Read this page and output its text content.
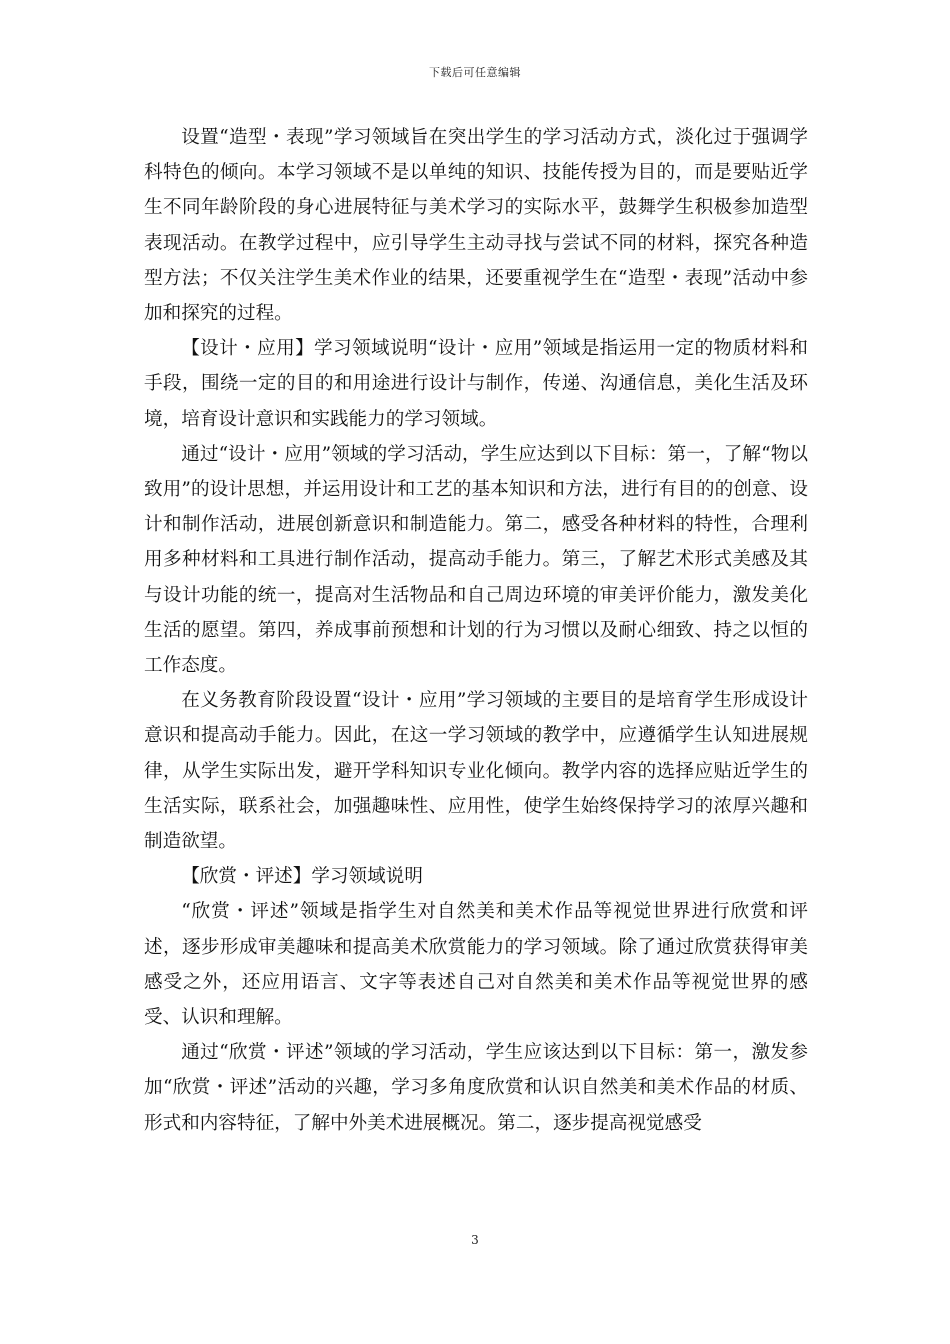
下载后可任意编辑

设置“造型・表现”学习领域旨在突出学生的学习活动方式，淡化过于强调学科特色的倾向。本学习领域不是以单纯的知识、技能传授为目的，而是要贴近学生不同年龄阶段的身心进展特征与美术学习的实际水平，鼓舞学生积极参加造型表现活动。在教学过程中，应引导学生主动寻找与尝试不同的材料，探究各种造型方法；不仅关注学生美术作业的结果，还要重视学生在“造型・表现”活动中参加和探究的过程。

【设计・应用】学习领域说明“设计・应用”领域是指运用一定的物质材料和手段，围绕一定的目的和用途进行设计与制作，传递、沟通信息，美化生活及环境，培育设计意识和实践能力的学习领域。

通过“设计・应用”领域的学习活动，学生应达到以下目标：第一，了解“物以致用”的设计思想，并运用设计和工艺的基本知识和方法，进行有目的的创意、设计和制作活动，进展创新意识和制造能力。第二，感受各种材料的特性，合理利用多种材料和工具进行制作活动，提高动手能力。第三，了解艺术形式美感及其与设计功能的统一，提高对生活物品和自己周边环境的审美评价能力，激发美化生活的愿望。第四，养成事前预想和计划的行为习惯以及耐心细致、持之以恒的工作态度。

在义务教育阶段设置“设计・应用”学习领域的主要目的是培育学生形成设计意识和提高动手能力。因此，在这一学习领域的教学中，应遵循学生认知进展规律，从学生实际出发，避开学科知识专业化倾向。教学内容的选择应贴近学生的生活实际，联系社会，加强趣味性、应用性，使学生始终保持学习的浓厚兴趣和制造欲望。

【欣赏・评述】学习领域说明

“欣赏・评述”领域是指学生对自然美和美术作品等视觉世界进行欣赏和评述，逐步形成审美趣味和提高美术欣赏能力的学习领域。除了通过欣赏获得审美感受之外，还应用语言、文字等表述自己对自然美和美术作品等视觉世界的感受、认识和理解。

通过“欣赏・评述”领域的学习活动，学生应该达到以下目标：第一，激发参加“欣赏・评述”活动的兴趣，学习多角度欣赏和认识自然美和美术作品的材质、形式和内容特征，了解中外美术进展概况。第二，逐步提高视觉感受

3
